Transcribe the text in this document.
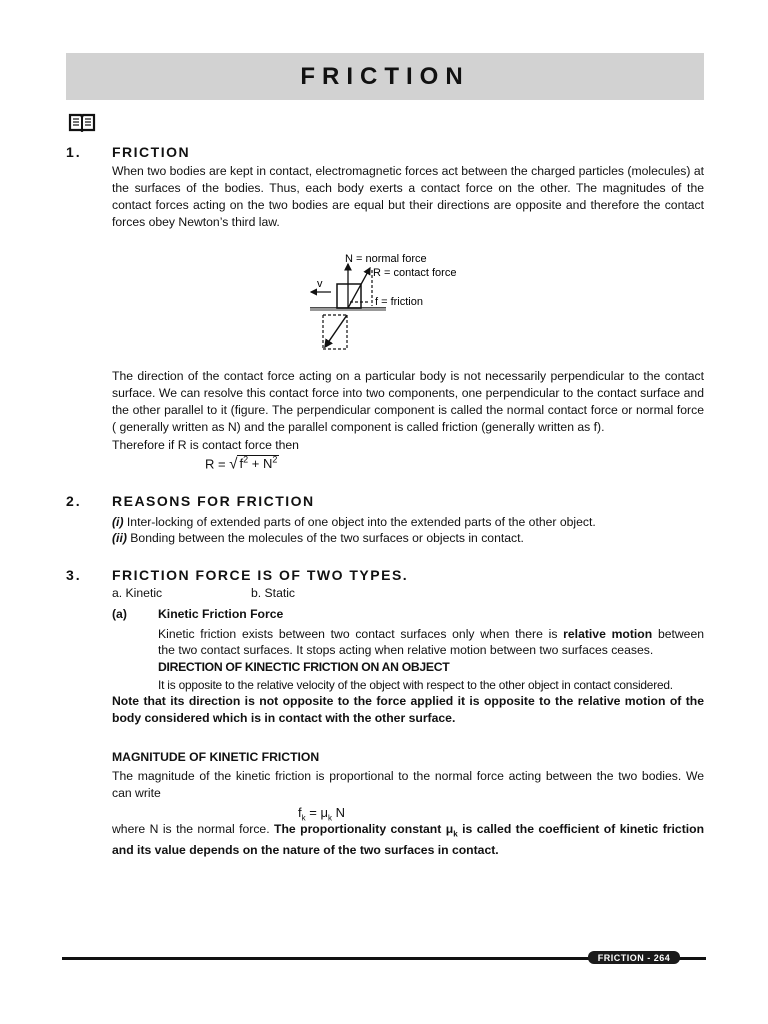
FRICTION
1. FRICTION

When two bodies are kept in contact, electromagnetic forces act between the charged particles (molecules) at the surfaces of the bodies. Thus, each body exerts a contact force on the other. The magnitudes of the contact forces acting on the two bodies are equal but their directions are opposite and therefore the contact forces obey Newton’s third law.

N = normal force
R = contact force
f = friction
v

The direction of the contact force acting on a particular body is not necessarily perpendicular to the contact surface. We can resolve this contact force into two components, one perpendicular to the contact surface and the other parallel to it (figure. The perpendicular component is called the normal contact force or normal force ( generally written as N) and the parallel component is called friction (generally written as f).

Therefore if R is contact force then
R = √ $f^2 + N^2$
2. REASONS FOR FRICTION
(i) Inter-locking of extended parts of one object into the extended parts of the other object.
(ii) Bonding between the molecules of the two surfaces or objects in contact.
3. FRICTION FORCE IS OF TWO TYPES.
a. Kinetic	b. Static
(a)	Kinetic Friction Force
Kinetic friction exists between two contact surfaces only when there is relative motion between
the two contact surfaces. It stops acting when relative motion between two surfaces ceases.
DIRECTION OF KINECTIC FRICTION ON AN OBJECT
It is opposite to the relative velocity of the object with respect to the other object in contact considered.

Note that its direction is not opposite to the force applied it is opposite to the relative motion of the body considered which is in contact with the other surface.

MAGNITUDE OF KINETIC FRICTION

The magnitude of the kinetic friction is proportional to the normal force acting between the two bodies. We can write

$f_k = \mu_k$ N

where N is the normal force. The proportionality constant $\mu_k$ is called the coefficient of kinetic friction and its value depends on the nature of the two surfaces in contact.

FRICTION - 264
